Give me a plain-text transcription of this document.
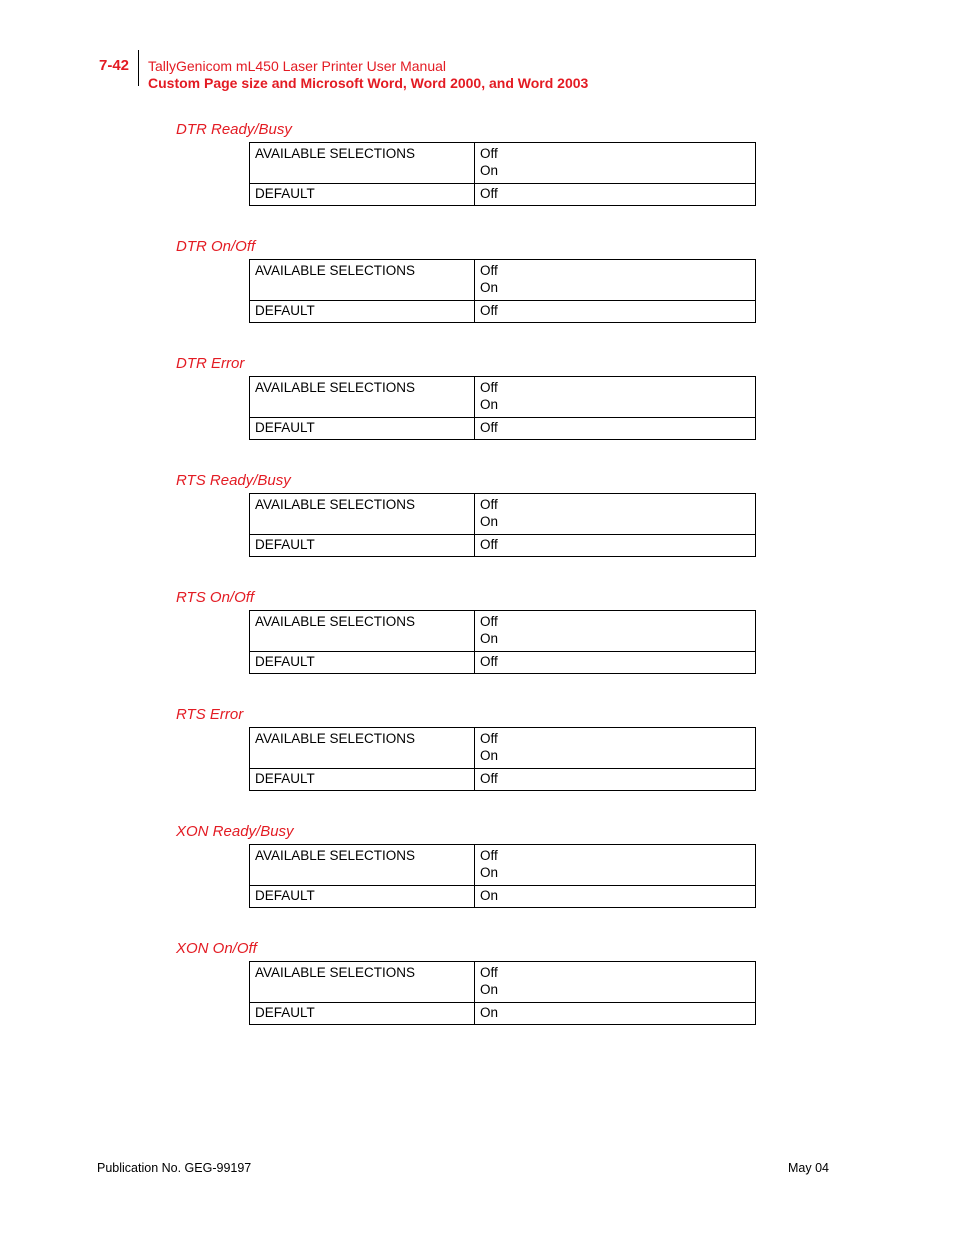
7-42 TallyGenicom mL450 Laser Printer User Manual
Custom Page size and Microsoft Word, Word 2000, and Word 2003
DTR Ready/Busy
AVAILABLE SELECTIONS	Off
On

DEFAULT	Off
DTR On/Off
AVAILABLE SELECTIONS	Off
On

DEFAULT	Off
DTR Error
AVAILABLE SELECTIONS	Off
On

DEFAULT	Off
RTS Ready/Busy
AVAILABLE SELECTIONS	Off
On

DEFAULT	Off
RTS On/Off
AVAILABLE SELECTIONS	Off
On

DEFAULT	Off
RTS Error
AVAILABLE SELECTIONS	Off
On

DEFAULT	Off
XON Ready/Busy
AVAILABLE SELECTIONS	Off
On

DEFAULT	On
XON On/Off
AVAILABLE SELECTIONS	Off
On

DEFAULT	On
Publication No. GEG-99197	May 04
